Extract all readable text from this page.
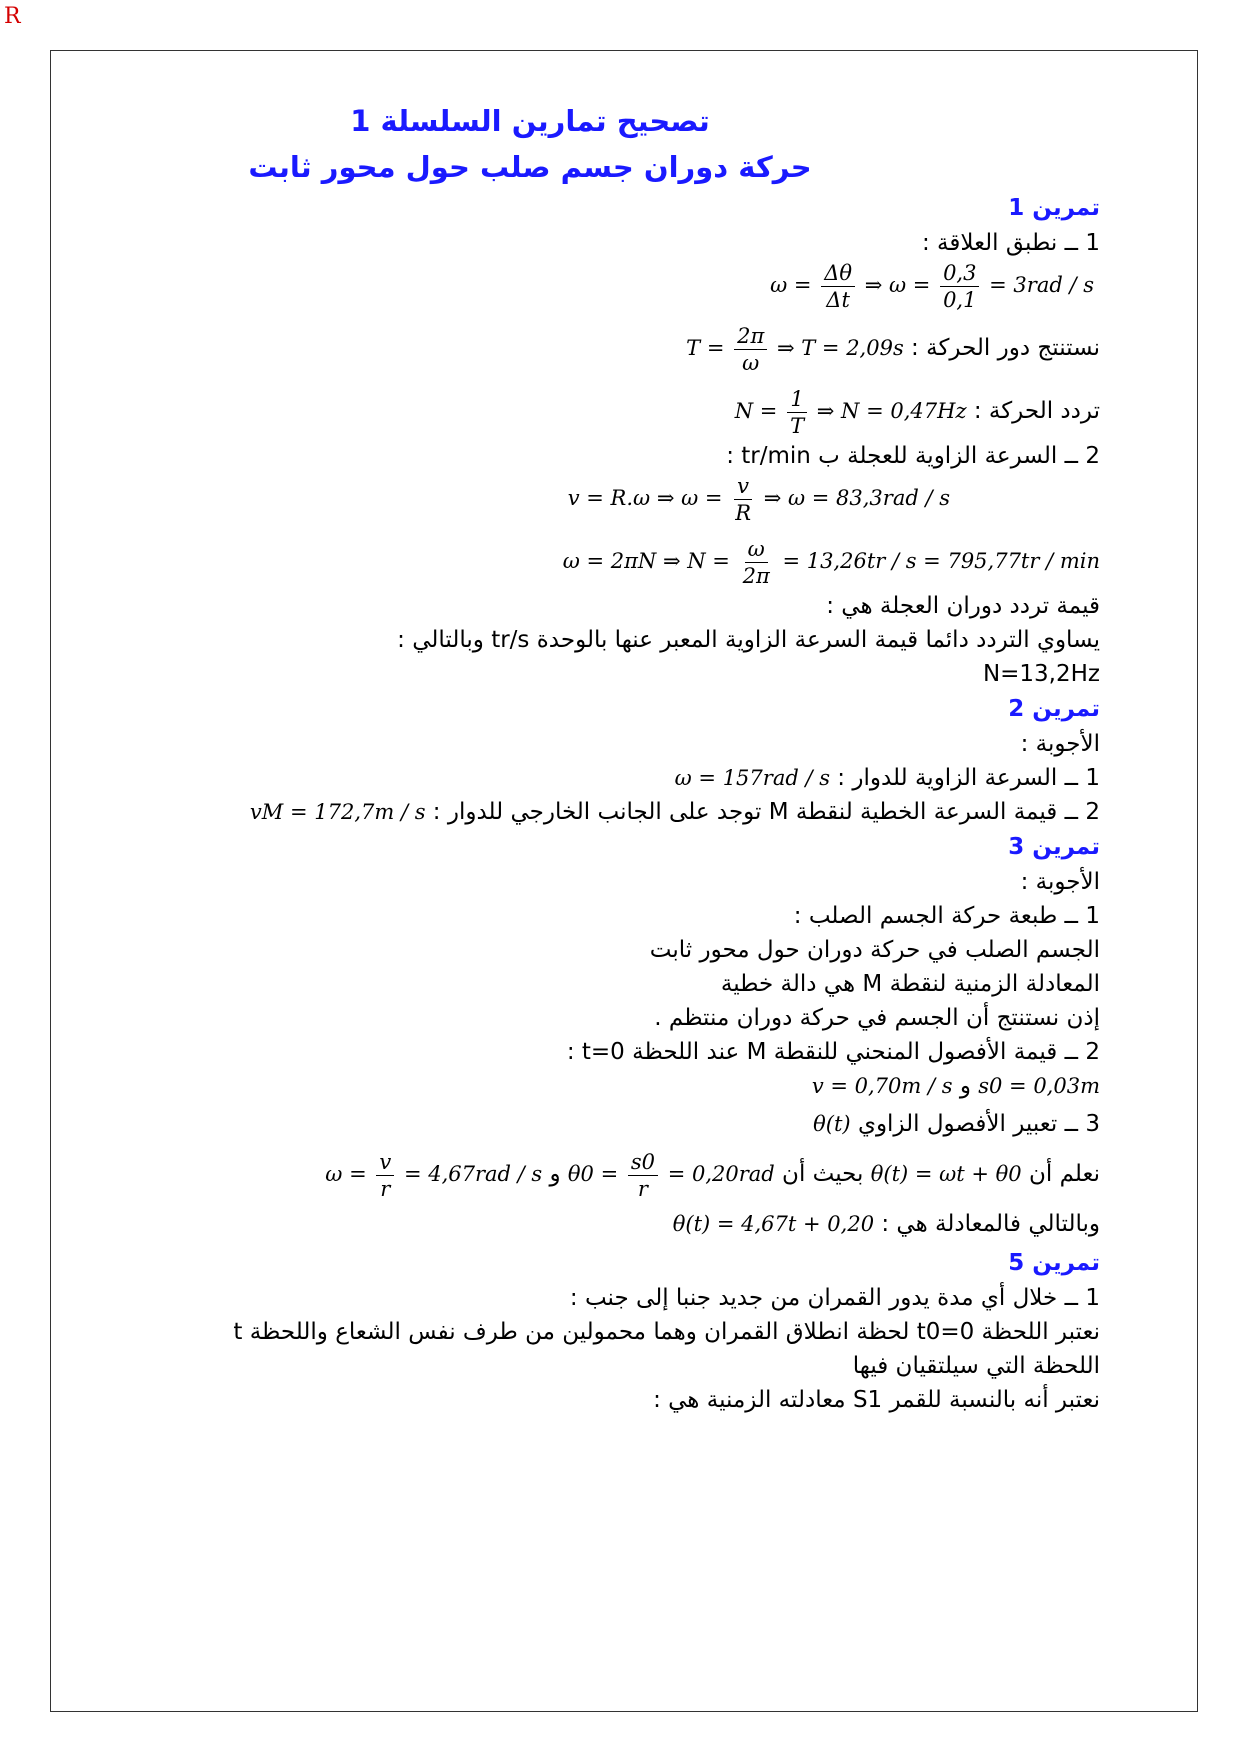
R
تصحيح تمارين السلسلة 1
حركة دوران جسم صلب حول محور ثابت
تمرين 1
1 ــ نطبق العلاقة :
$\omega = \frac{\Delta\theta}{\Delta t}$ ⇒ $\omega = \frac{0,3}{0,1} = 3rad / s$
نستنتج دور الحركة : $T = \frac{2\pi}{\omega}$ ⇒ T = 2,09s
تردد الحركة : $N = \frac{1}{T}$ ⇒ N = 0,47Hz
2 ــ السرعة الزاوية للعجلة ب tr/min :
v = R.ω ⇒ $\omega = \frac{v}{R}$ ⇒ ω = 83,3rad / s
ω = 2πN ⇒ $N = \frac{\omega}{2\pi} = 13,26tr / s = 795,77tr / \min$
قيمة تردد دوران العجلة هي :
يساوي التردد دائما قيمة السرعة الزاوية المعبر عنها بالوحدة tr/s وبالتالي :
N=13,2Hz
تمرين 2
الأجوبة :
1 ــ السرعة الزاوية للدوار : ω = 157rad / s
2 ــ قيمة السرعة الخطية لنقطة M توجد على الجانب الخارجي للدوار : vM = 172,7m / s
تمرين 3
الأجوبة :
1 ــ طبعة حركة الجسم الصلب :
الجسم الصلب في حركة دوران حول محور ثابت
المعادلة الزمنية لنقطة M هي دالة خطية
إذن نستنتج أن الجسم في حركة دوران منتظم .
2 ــ قيمة الأفصول المنحني للنقطة M عند اللحظة t=0 :
s0 = 0,03m و v = 0,70m / s
3 ــ تعبير الأفصول الزاوي θ(t)
نعلم أن θ(t) = ωt + θ0 بحيث أن $\theta 0 = \frac{s0}{r} = 0,20rad$ و $\omega = \frac{v}{r} = 4,67rad / s$
وبالتالي فالمعادلة هي : θ(t) = 4,67t + 0,20
تمرين 5
1 ــ خلال أي مدة يدور القمران من جديد جنبا إلى جنب :
نعتبر اللحظة t0=0 لحظة انطلاق القمران وهما محمولين من طرف نفس الشعاع واللحظة t
اللحظة التي سيلتقيان فيها
نعتبر أنه بالنسبة للقمر S1 معادلته الزمنية هي :
